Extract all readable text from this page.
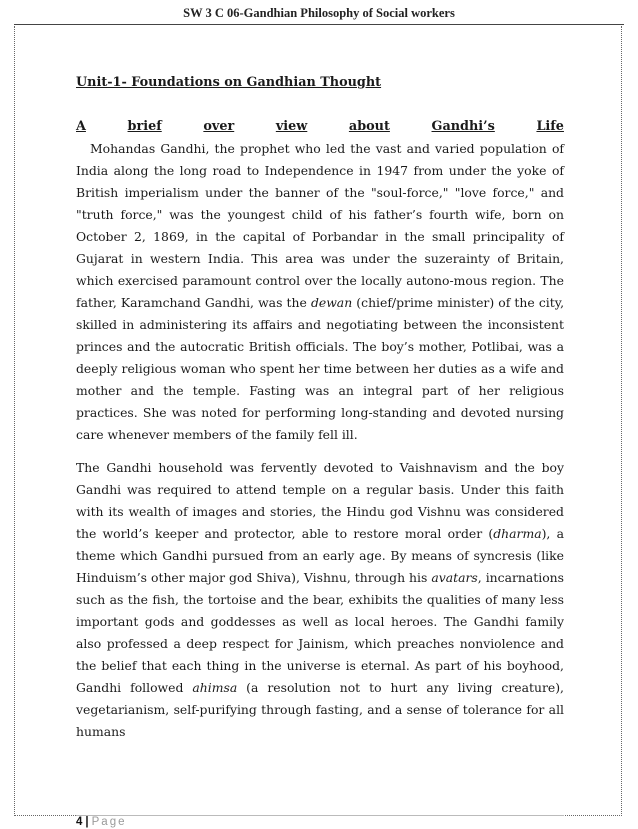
SW 3 C 06-Gandhian Philosophy of Social workers

Unit-1- Foundations on Gandhian Thought

A	brief	over	view	about	Gandhi’s	Life

Mohandas Gandhi, the prophet who led the vast and varied population of India along the long road to Independence in 1947 from under the yoke of British imperialism under the banner of the "soul-force," "love force," and "truth force," was the youngest child of his father’s fourth wife, born on October 2, 1869, in the capital of Porbandar in the small principality of Gujarat in western India. This area was under the suzerainty of Britain, which exercised paramount control over the locally autono-mous region. The father, Karamchand Gandhi, was the dewan (chief/prime minister) of the city, skilled in administering its affairs and negotiating between the inconsistent princes and the autocratic British officials. The boy’s mother, Potlibai, was a deeply religious woman who spent her time between her duties as a wife and mother and the temple. Fasting was an integral part of her religious practices. She was noted for performing long-standing and devoted nursing care whenever members of the family fell ill.

The Gandhi household was fervently devoted to Vaishnavism and the boy Gandhi was required to attend temple on a regular basis. Under this faith with its wealth of images and stories, the Hindu god Vishnu was considered the world’s keeper and protector, able to restore moral order (dharma), a theme which Gandhi pursued from an early age. By means of syncresis (like Hinduism’s other major god Shiva), Vishnu, through his avatars, incarnations such as the fish, the tortoise and the bear, exhibits the qualities of many less important gods and goddesses as well as local heroes. The Gandhi family also professed a deep respect for Jainism, which preaches nonviolence and the belief that each thing in the universe is eternal. As part of his boyhood, Gandhi followed ahimsa (a resolution not to hurt any living creature), vegetarianism, self-purifying through fasting, and a sense of tolerance for all humans

4 | Page
